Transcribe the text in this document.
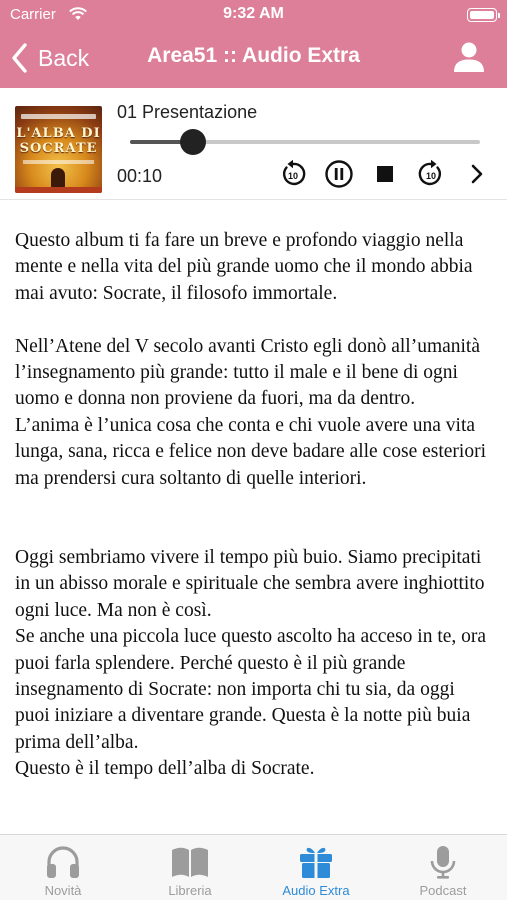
Carrier	9:32 AM
Back	Area51 :: Audio Extra
L'ALBA DI
SOCRATE
01 Presentazione
00:10	10	10
Questo album ti fa fare un breve e profondo viaggio nella mente e nella vita del più grande uomo che il mondo abbia mai avuto: Socrate, il filosofo immortale.

Nell’Atene del V secolo avanti Cristo egli donò all’umanità l’insegnamento più grande: tutto il male e il bene di ogni uomo e donna non proviene da fuori, ma da dentro.
L’anima è l’unica cosa che conta e chi vuole avere una vita lunga, sana, ricca e felice non deve badare alle cose esteriori ma prendersi cura soltanto di quelle interiori.

Oggi sembriamo vivere il tempo più buio. Siamo precipitati in un abisso morale e spirituale che sembra avere inghiottito ogni luce. Ma non è così.
Se anche una piccola luce questo ascolto ha acceso in te, ora puoi farla splendere. Perché questo è il più grande insegnamento di Socrate: non importa chi tu sia, da oggi puoi iniziare a diventare grande. Questa è la notte più buia prima dell’alba.
Questo è il tempo dell’alba di Socrate.
Novità	Libreria	Audio Extra	Podcast
